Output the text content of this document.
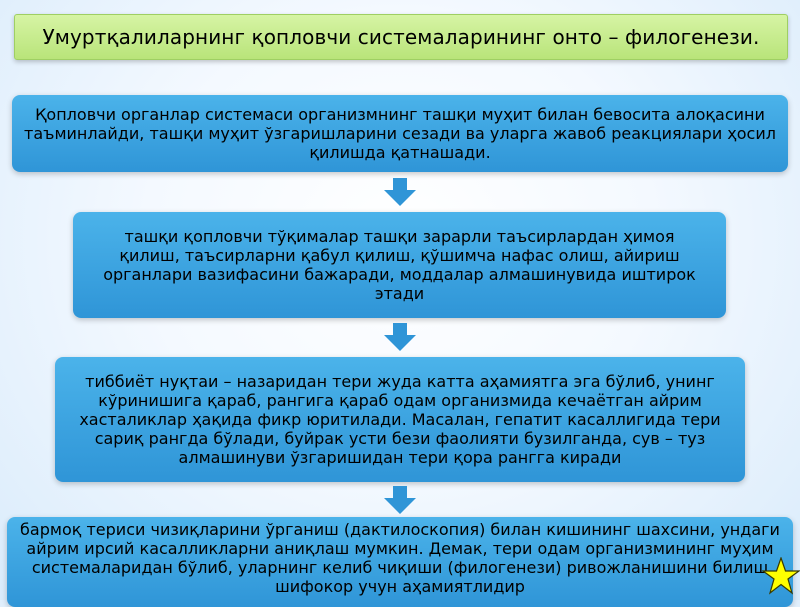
Умуртқалиларнинг қопловчи системаларининг онто – филогенези.
Қопловчи органлар системаси организмнинг ташқи муҳит билан бевосита алоқасини таъминлайди, ташқи муҳит ўзгаришларини сезади ва уларга жавоб реакциялари ҳосил қилишда қатнашади.
ташқи қопловчи тўқималар ташқи зарарли таъсирлардан ҳимоя қилиш, таъсирларни қабул қилиш, қўшимча нафас олиш, айириш органлари вазифасини бажаради, моддалар алмашинувида иштирок этади
тиббиёт нуқтаи – назаридан тери жуда катта аҳамиятга эга бўлиб, унинг кўринишига қараб, рангига қараб одам организмида кечаётган айрим хасталиклар ҳақида фикр юритилади. Масалан, гепатит касаллигида тери сариқ рангда бўлади, буйрак усти бези фаолияти бузилганда, сув – туз алмашинуви ўзгаришидан тери қора рангга киради
бармоқ териси чизиқларини ўрганиш (дактилоскопия) билан кишининг шахсини, ундаги айрим ирсий касалликларни аниқлаш мумкин. Демак, тери одам организмининг муҳим системаларидан бўлиб, уларнинг келиб чиқиши (филогенези) ривожланишини билиш шифокор учун аҳамиятлидир
